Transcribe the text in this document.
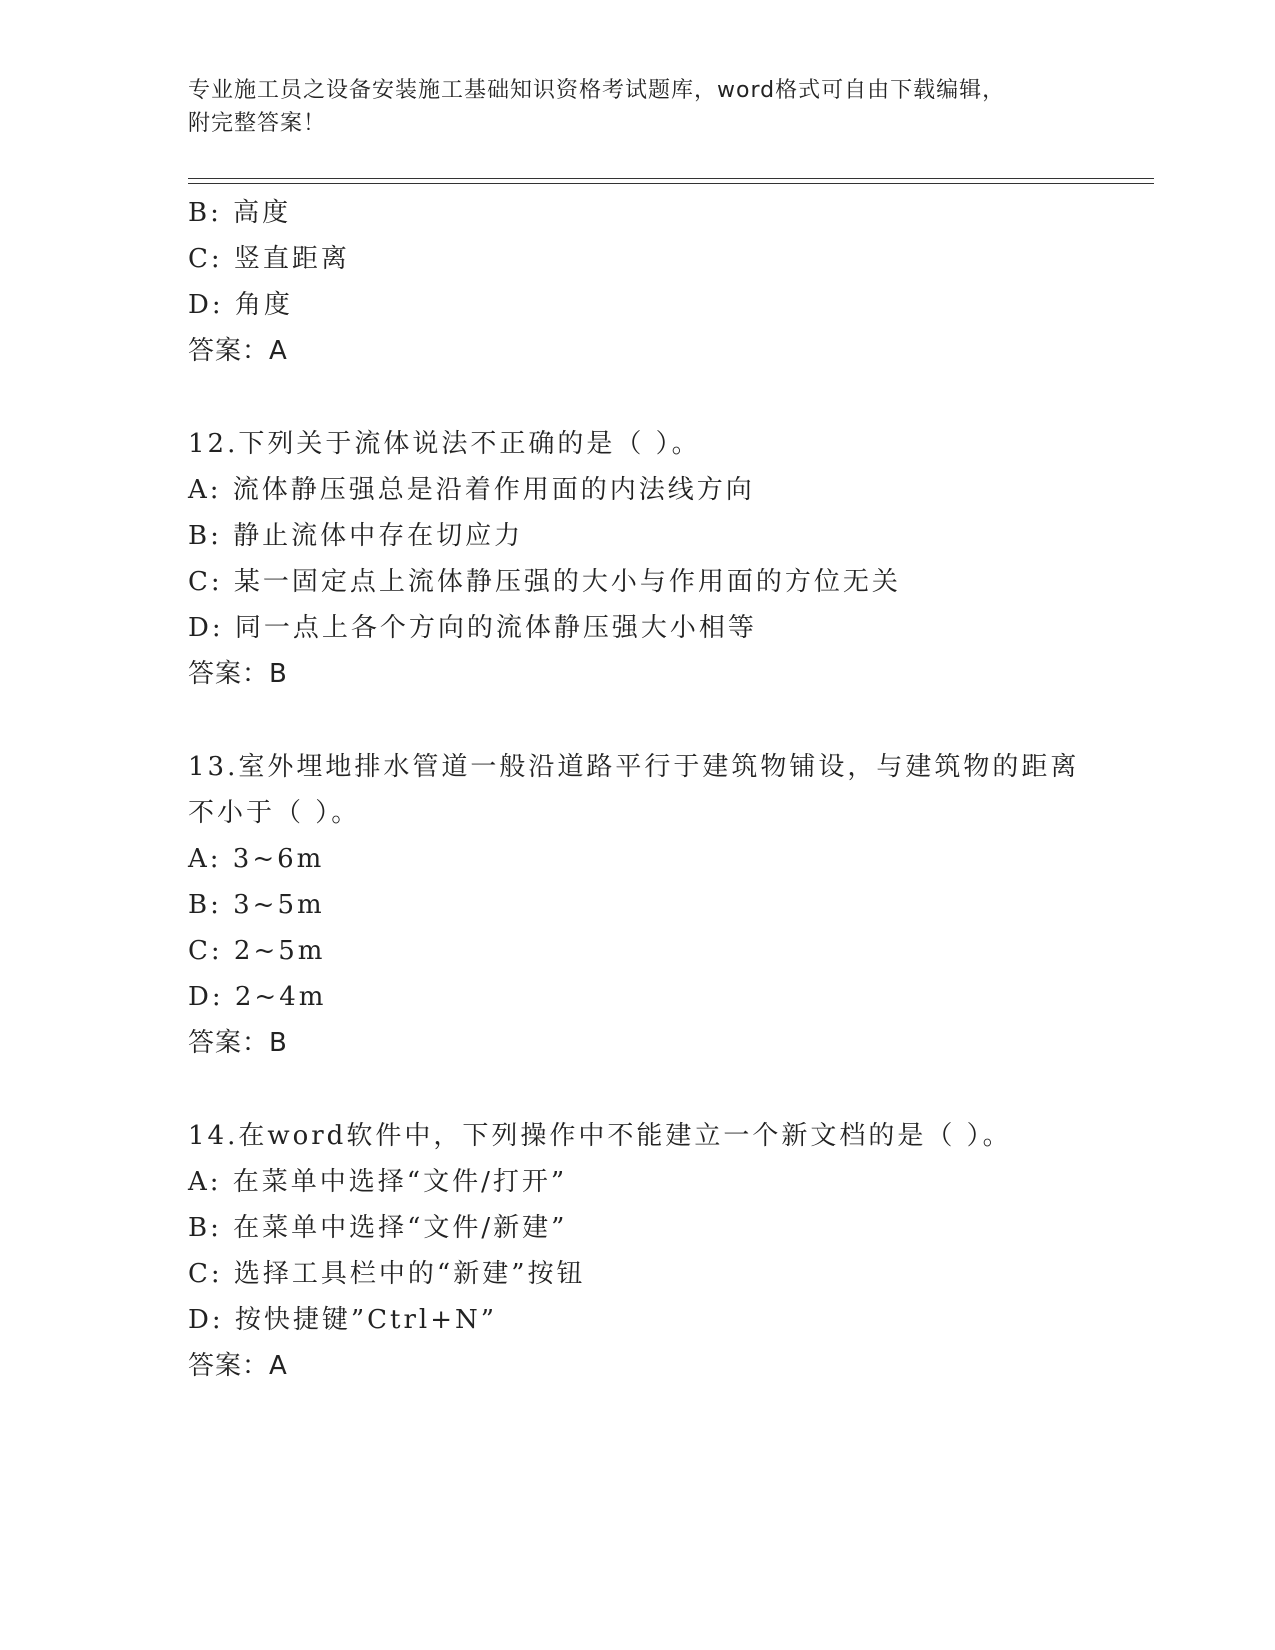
专业施工员之设备安装施工基础知识资格考试题库，word格式可自由下载编辑，
附完整答案！
B: 高度
C: 竖直距离
D: 角度
答案：A
12.下列关于流体说法不正确的是（ ）。
A: 流体静压强总是沿着作用面的内法线方向
B: 静止流体中存在切应力
C: 某一固定点上流体静压强的大小与作用面的方位无关
D: 同一点上各个方向的流体静压强大小相等
答案：B
13.室外埋地排水管道一般沿道路平行于建筑物铺设，与建筑物的距离
不小于（ ）。
A: 3~6m
B: 3~5m
C: 2~5m
D: 2~4m
答案：B
14.在word软件中，下列操作中不能建立一个新文档的是（ ）。
A: 在菜单中选择“文件/打开”
B: 在菜单中选择“文件/新建”
C: 选择工具栏中的“新建”按钮
D: 按快捷键”Ctrl+N”
答案：A
